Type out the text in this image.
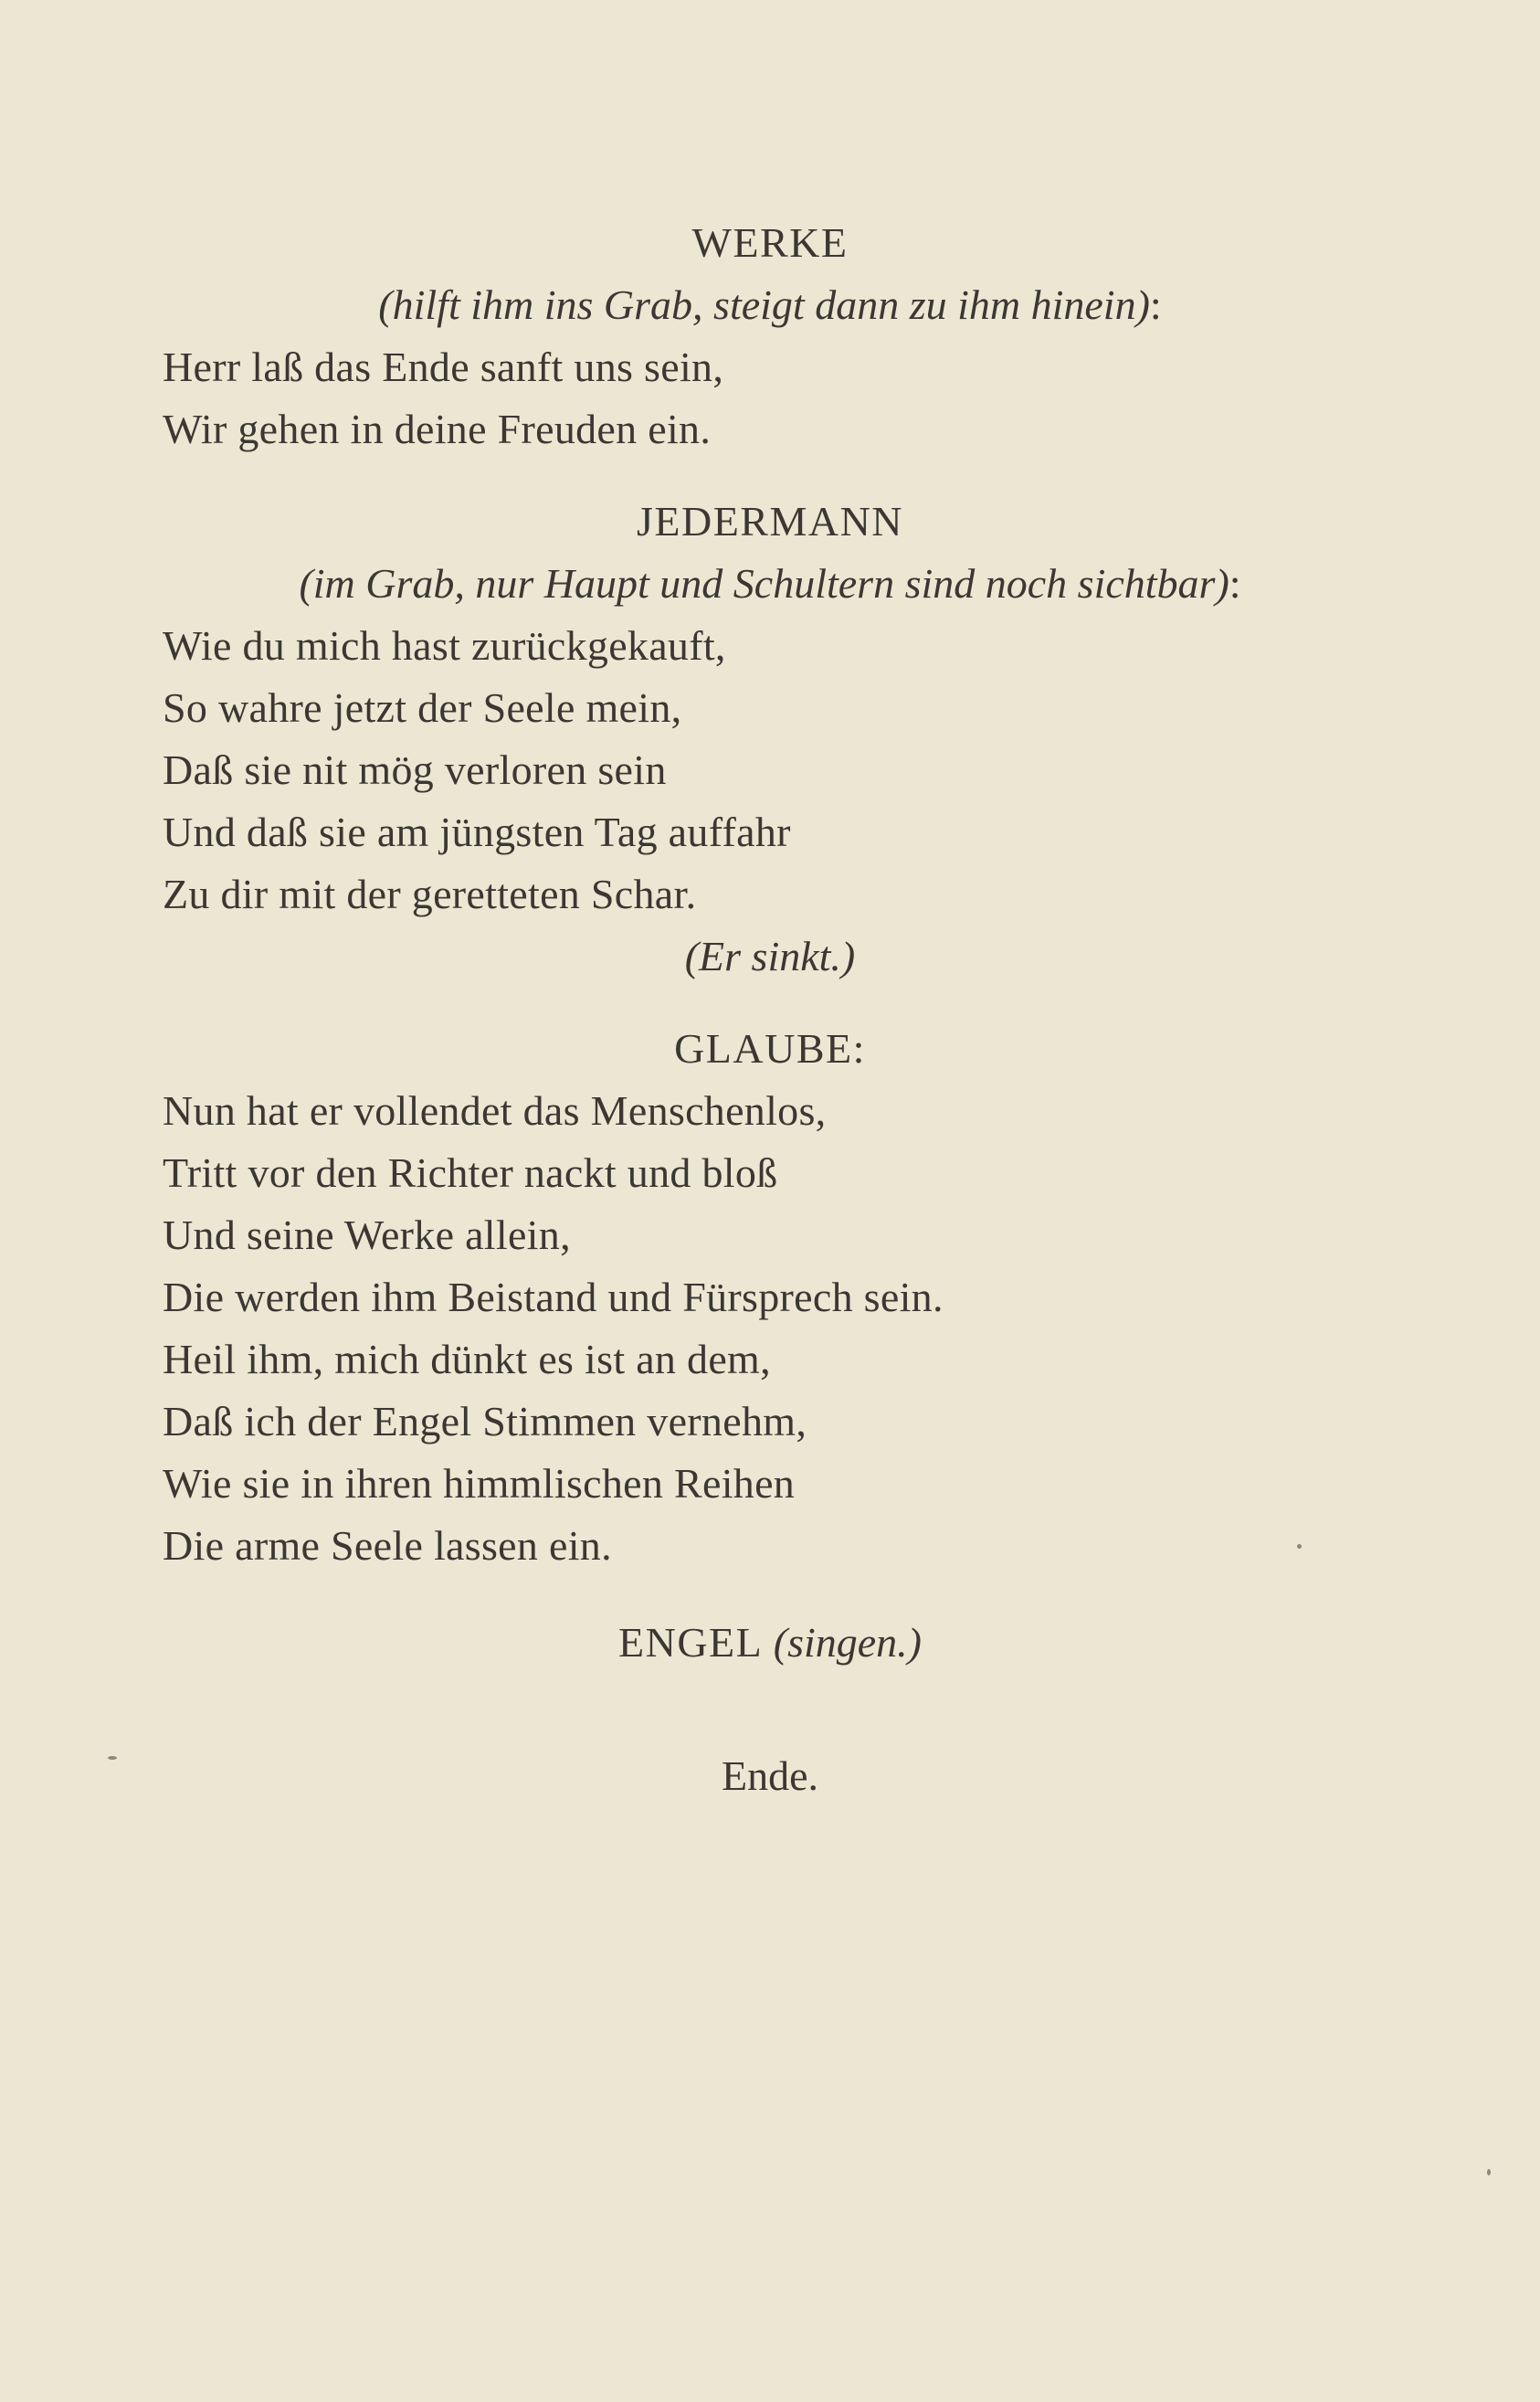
WERKE
(hilft ihm ins Grab, steigt dann zu ihm hinein):
Herr laß das Ende sanft uns sein,
Wir gehen in deine Freuden ein.
JEDERMANN
(im Grab, nur Haupt und Schultern sind noch sichtbar):
Wie du mich hast zurückgekauft,
So wahre jetzt der Seele mein,
Daß sie nit mög verloren sein
Und daß sie am jüngsten Tag auffahr
Zu dir mit der geretteten Schar.
(Er sinkt.)
GLAUBE:
Nun hat er vollendet das Menschenlos,
Tritt vor den Richter nackt und bloß
Und seine Werke allein,
Die werden ihm Beistand und Fürsprech sein.
Heil ihm, mich dünkt es ist an dem,
Daß ich der Engel Stimmen vernehm,
Wie sie in ihren himmlischen Reihen
Die arme Seele lassen ein.
ENGEL (singen.)
Ende.
